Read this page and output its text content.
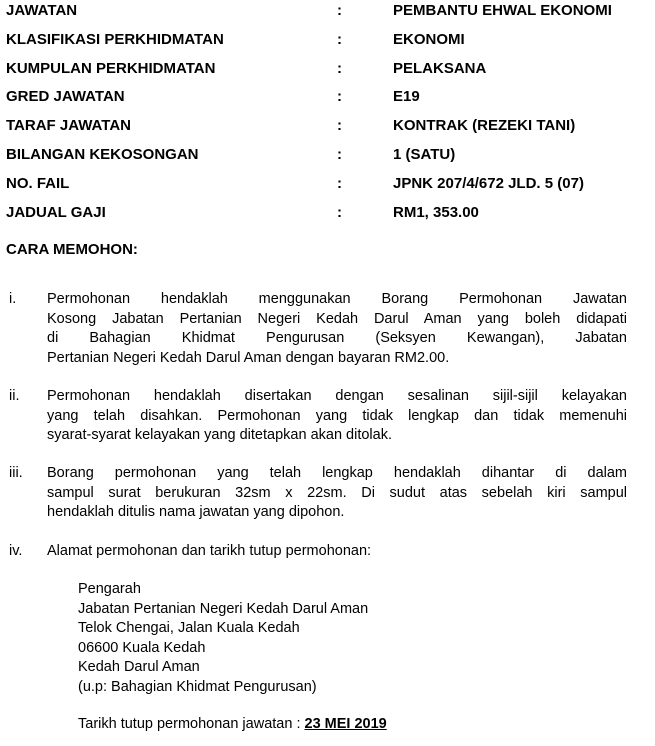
JAWATAN	:	PEMBANTU EHWAL EKONOMI
KLASIFIKASI PERKHIDMATAN	:	EKONOMI
KUMPULAN PERKHIDMATAN	:	PELAKSANA
GRED JAWATAN	:	E19
TARAF JAWATAN	:	KONTRAK (REZEKI TANI)
BILANGAN KEKOSONGAN	:	1 (SATU)
NO. FAIL	:	JPNK 207/4/672 JLD. 5 (07)
JADUAL GAJI	:	RM1, 353.00
CARA MEMOHON:
i. Permohonan hendaklah menggunakan Borang Permohonan Jawatan
Kosong Jabatan Pertanian Negeri Kedah Darul Aman yang boleh didapati
di Bahagian Khidmat Pengurusan (Seksyen Kewangan), Jabatan
Pertanian Negeri Kedah Darul Aman dengan bayaran RM2.00.
ii. Permohonan hendaklah disertakan dengan sesalinan sijil-sijil kelayakan
yang telah disahkan. Permohonan yang tidak lengkap dan tidak memenuhi
syarat-syarat kelayakan yang ditetapkan akan ditolak.
iii. Borang permohonan yang telah lengkap hendaklah dihantar di dalam
sampul surat berukuran 32sm x 22sm. Di sudut atas sebelah kiri sampul
hendaklah ditulis nama jawatan yang dipohon.
iv. Alamat permohonan dan tarikh tutup permohonan:
Pengarah
Jabatan Pertanian Negeri Kedah Darul Aman
Telok Chengai, Jalan Kuala Kedah
06600 Kuala Kedah
Kedah Darul Aman
(u.p: Bahagian Khidmat Pengurusan)
Tarikh tutup permohonan jawatan : 23 MEI 2019
